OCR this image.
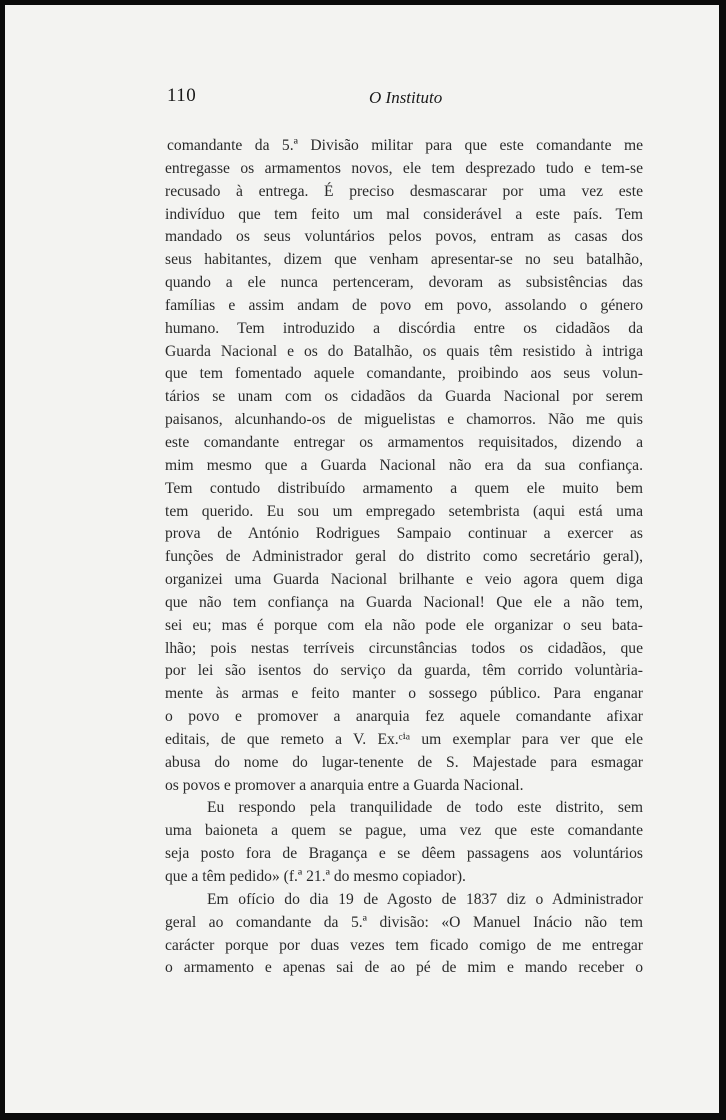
110	O Instituto
comandante da 5.ª Divisão militar para que este comandante me
entregasse os armamentos novos, ele tem desprezado tudo e tem-se
recusado à entrega. É preciso desmascarar por uma vez este
indivíduo que tem feito um mal considerável a este país. Tem
mandado os seus voluntários pelos povos, entram as casas dos
seus habitantes, dizem que venham apresentar-se no seu batalhão,
quando a ele nunca pertenceram, devoram as subsistências das
famílias e assim andam de povo em povo, assolando o género
humano. Tem introduzido a discórdia entre os cidadãos da
Guarda Nacional e os do Batalhão, os quais têm resistido à intriga
que tem fomentado aquele comandante, proibindo aos seus volun-
tários se unam com os cidadãos da Guarda Nacional por serem
paisanos, alcunhando-os de miguelistas e chamorros. Não me quis
este comandante entregar os armamentos requisitados, dizendo a
mim mesmo que a Guarda Nacional não era da sua confiança.
Tem contudo distribuído armamento a quem ele muito bem
tem querido. Eu sou um empregado setembrista (aqui está uma
prova de António Rodrigues Sampaio continuar a exercer as
funções de Administrador geral do distrito como secretário geral),
organizei uma Guarda Nacional brilhante e veio agora quem diga
que não tem confiança na Guarda Nacional! Que ele a não tem,
sei eu; mas é porque com ela não pode ele organizar o seu bata-
lhão; pois nestas terríveis circunstâncias todos os cidadãos, que
por lei são isentos do serviço da guarda, têm corrido voluntària-
mente às armas e feito manter o sossego público. Para enganar
o povo e promover a anarquia fez aquele comandante afixar
editais, de que remeto a V. Ex.ᶜⁱᵃ um exemplar para ver que ele
abusa do nome do lugar-tenente de S. Majestade para esmagar
os povos e promover a anarquia entre a Guarda Nacional.
Eu respondo pela tranquilidade de todo este distrito, sem
uma baioneta a quem se pague, uma vez que este comandante
seja posto fora de Bragança e se dêem passagens aos voluntários
que a têm pedido» (f.ª 21.ª do mesmo copiador).
Em ofício do dia 19 de Agosto de 1837 diz o Administrador
geral ao comandante da 5.ª divisão: «O Manuel Inácio não tem
carácter porque por duas vezes tem ficado comigo de me entregar
o armamento e apenas sai de ao pé de mim e mando receber o
